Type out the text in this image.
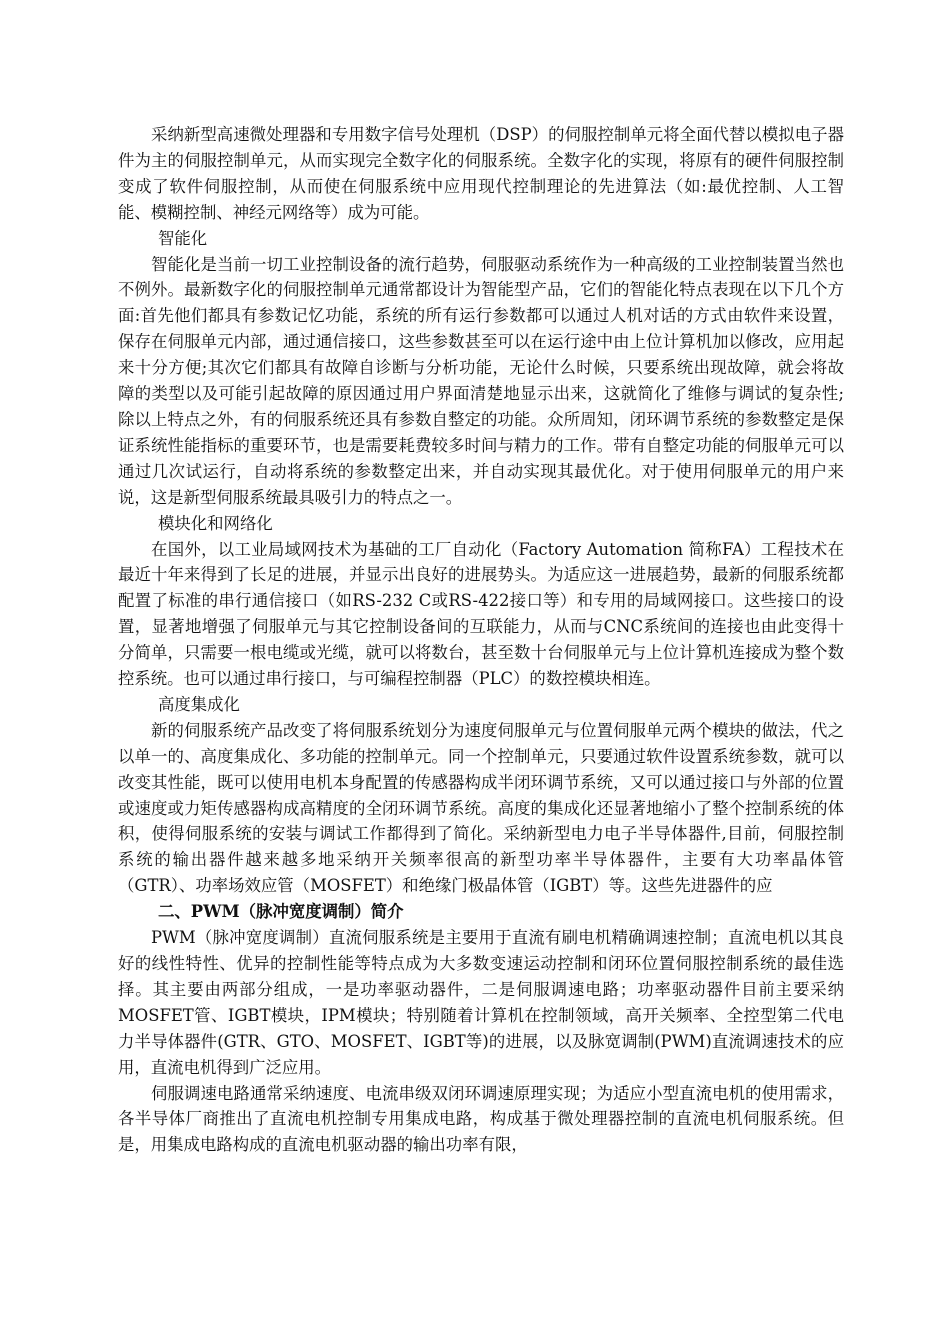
采纳新型高速微处理器和专用数字信号处理机（DSP）的伺服控制单元将全面代替以模拟电子器件为主的伺服控制单元，从而实现完全数字化的伺服系统。全数字化的实现，将原有的硬件伺服控制变成了软件伺服控制，从而使在伺服系统中应用现代控制理论的先进算法（如:最优控制、人工智能、模糊控制、神经元网络等）成为可能。

智能化

智能化是当前一切工业控制设备的流行趋势，伺服驱动系统作为一种高级的工业控制装置当然也不例外。最新数字化的伺服控制单元通常都设计为智能型产品，它们的智能化特点表现在以下几个方面:首先他们都具有参数记忆功能，系统的所有运行参数都可以通过人机对话的方式由软件来设置，保存在伺服单元内部，通过通信接口，这些参数甚至可以在运行途中由上位计算机加以修改，应用起来十分方便;其次它们都具有故障自诊断与分析功能，无论什么时候，只要系统出现故障，就会将故障的类型以及可能引起故障的原因通过用户界面清楚地显示出来，这就简化了维修与调试的复杂性;除以上特点之外，有的伺服系统还具有参数自整定的功能。众所周知，闭环调节系统的参数整定是保证系统性能指标的重要环节，也是需要耗费较多时间与精力的工作。带有自整定功能的伺服单元可以通过几次试运行，自动将系统的参数整定出来，并自动实现其最优化。对于使用伺服单元的用户来说，这是新型伺服系统最具吸引力的特点之一。

模块化和网络化

在国外，以工业局域网技术为基础的工厂自动化（Factory Automation 简称FA）工程技术在最近十年来得到了长足的进展，并显示出良好的进展势头。为适应这一进展趋势，最新的伺服系统都配置了标准的串行通信接口（如RS-232 C或RS-422接口等）和专用的局域网接口。这些接口的设置，显著地增强了伺服单元与其它控制设备间的互联能力，从而与CNC系统间的连接也由此变得十分简单，只需要一根电缆或光缆，就可以将数台，甚至数十台伺服单元与上位计算机连接成为整个数控系统。也可以通过串行接口，与可编程控制器（PLC）的数控模块相连。

高度集成化

新的伺服系统产品改变了将伺服系统划分为速度伺服单元与位置伺服单元两个模块的做法，代之以单一的、高度集成化、多功能的控制单元。同一个控制单元，只要通过软件设置系统参数，就可以改变其性能，既可以使用电机本身配置的传感器构成半闭环调节系统，又可以通过接口与外部的位置或速度或力矩传感器构成高精度的全闭环调节系统。高度的集成化还显著地缩小了整个控制系统的体积，使得伺服系统的安装与调试工作都得到了简化。采纳新型电力电子半导体器件,目前，伺服控制系统的输出器件越来越多地采纳开关频率很高的新型功率半导体器件，主要有大功率晶体管（GTR）、功率场效应管（MOSFET）和绝缘门极晶体管（IGBT）等。这些先进器件的应

二、PWM（脉冲宽度调制）简介

PWM（脉冲宽度调制）直流伺服系统是主要用于直流有刷电机精确调速控制；直流电机以其良好的线性特性、优异的控制性能等特点成为大多数变速运动控制和闭环位置伺服控制系统的最佳选择。其主要由两部分组成，一是功率驱动器件，二是伺服调速电路；功率驱动器件目前主要采纳MOSFET管、IGBT模块，IPM模块；特别随着计算机在控制领域，高开关频率、全控型第二代电力半导体器件(GTR、GTO、MOSFET、IGBT等)的进展，以及脉宽调制(PWM)直流调速技术的应用，直流电机得到广泛应用。

伺服调速电路通常采纳速度、电流串级双闭环调速原理实现；为适应小型直流电机的使用需求，各半导体厂商推出了直流电机控制专用集成电路，构成基于微处理器控制的直流电机伺服系统。但是，用集成电路构成的直流电机驱动器的输出功率有限，
